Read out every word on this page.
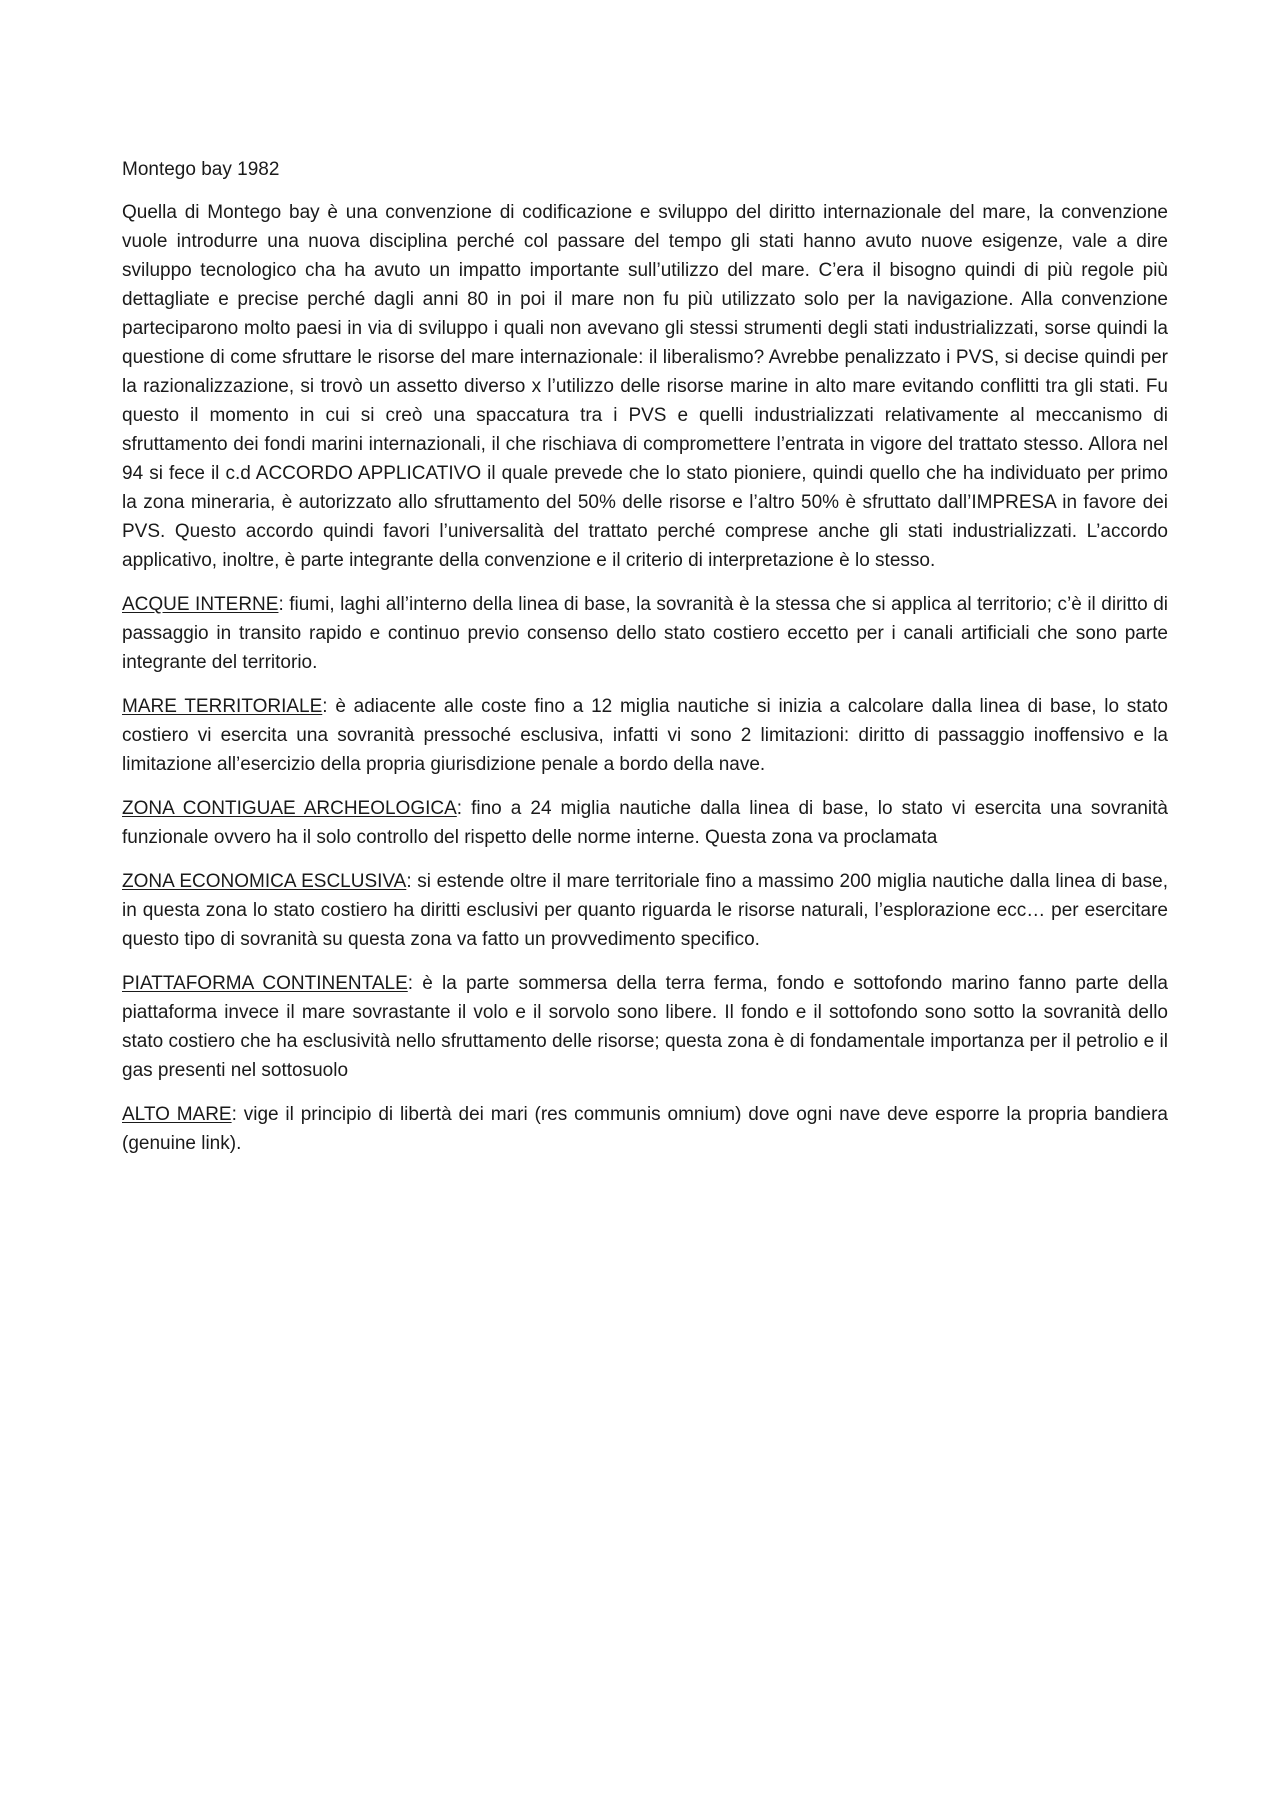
Montego bay 1982

Quella di Montego bay è una convenzione di codificazione e sviluppo del diritto internazionale del mare, la convenzione vuole introdurre una nuova disciplina perché col passare del tempo gli stati hanno avuto nuove esigenze, vale a dire sviluppo tecnologico cha ha avuto un impatto importante sull’utilizzo del mare. C’era il bisogno quindi di più regole più dettagliate e precise perché dagli anni 80 in poi il mare non fu più utilizzato solo per la navigazione. Alla convenzione parteciparono molto paesi in via di sviluppo i quali non avevano gli stessi strumenti degli stati industrializzati, sorse quindi la questione di come sfruttare le risorse del mare internazionale: il liberalismo? Avrebbe penalizzato i PVS, si decise quindi per la razionalizzazione, si trovò un assetto diverso x l’utilizzo delle risorse marine in alto mare evitando conflitti tra gli stati. Fu questo il momento in cui si creò una spaccatura tra i PVS e quelli industrializzati relativamente al meccanismo di sfruttamento dei fondi marini internazionali, il che rischiava di compromettere l’entrata in vigore del trattato stesso. Allora nel 94 si fece il c.d ACCORDO APPLICATIVO il quale prevede che lo stato pioniere, quindi quello che ha individuato per primo la zona mineraria, è autorizzato allo sfruttamento del 50% delle risorse e l’altro 50% è sfruttato dall’IMPRESA in favore dei PVS. Questo accordo quindi favori l’universalità del trattato perché comprese anche gli stati industrializzati. L’accordo applicativo, inoltre, è parte integrante della convenzione e il criterio di interpretazione è lo stesso.

ACQUE INTERNE: fiumi, laghi all’interno della linea di base, la sovranità è la stessa che si applica al territorio; c’è il diritto di passaggio in transito rapido e continuo previo consenso dello stato costiero eccetto per i canali artificiali che sono parte integrante del territorio.

MARE TERRITORIALE: è adiacente alle coste fino a 12 miglia nautiche si inizia a calcolare dalla linea di base, lo stato costiero vi esercita una sovranità pressoché esclusiva, infatti vi sono 2 limitazioni: diritto di passaggio inoffensivo e la limitazione all’esercizio della propria giurisdizione penale a bordo della nave.

ZONA CONTIGUAE ARCHEOLOGICA: fino a 24 miglia nautiche dalla linea di base, lo stato vi esercita una sovranità funzionale ovvero ha il solo controllo del rispetto delle norme interne. Questa zona va proclamata

ZONA ECONOMICA ESCLUSIVA: si estende oltre il mare territoriale fino a massimo 200 miglia nautiche dalla linea di base, in questa zona lo stato costiero ha diritti esclusivi per quanto riguarda le risorse naturali, l’esplorazione ecc… per esercitare questo tipo di sovranità su questa zona va fatto un provvedimento specifico.

PIATTAFORMA CONTINENTALE: è la parte sommersa della terra ferma, fondo e sottofondo marino fanno parte della piattaforma invece il mare sovrastante il volo e il sorvolo sono libere. Il fondo e il sottofondo sono sotto la sovranità dello stato costiero che ha esclusività nello sfruttamento delle risorse; questa zona è di fondamentale importanza per il petrolio e il gas presenti nel sottosuolo

ALTO MARE: vige il principio di libertà dei mari (res communis omnium) dove ogni nave deve esporre la propria bandiera (genuine link).
